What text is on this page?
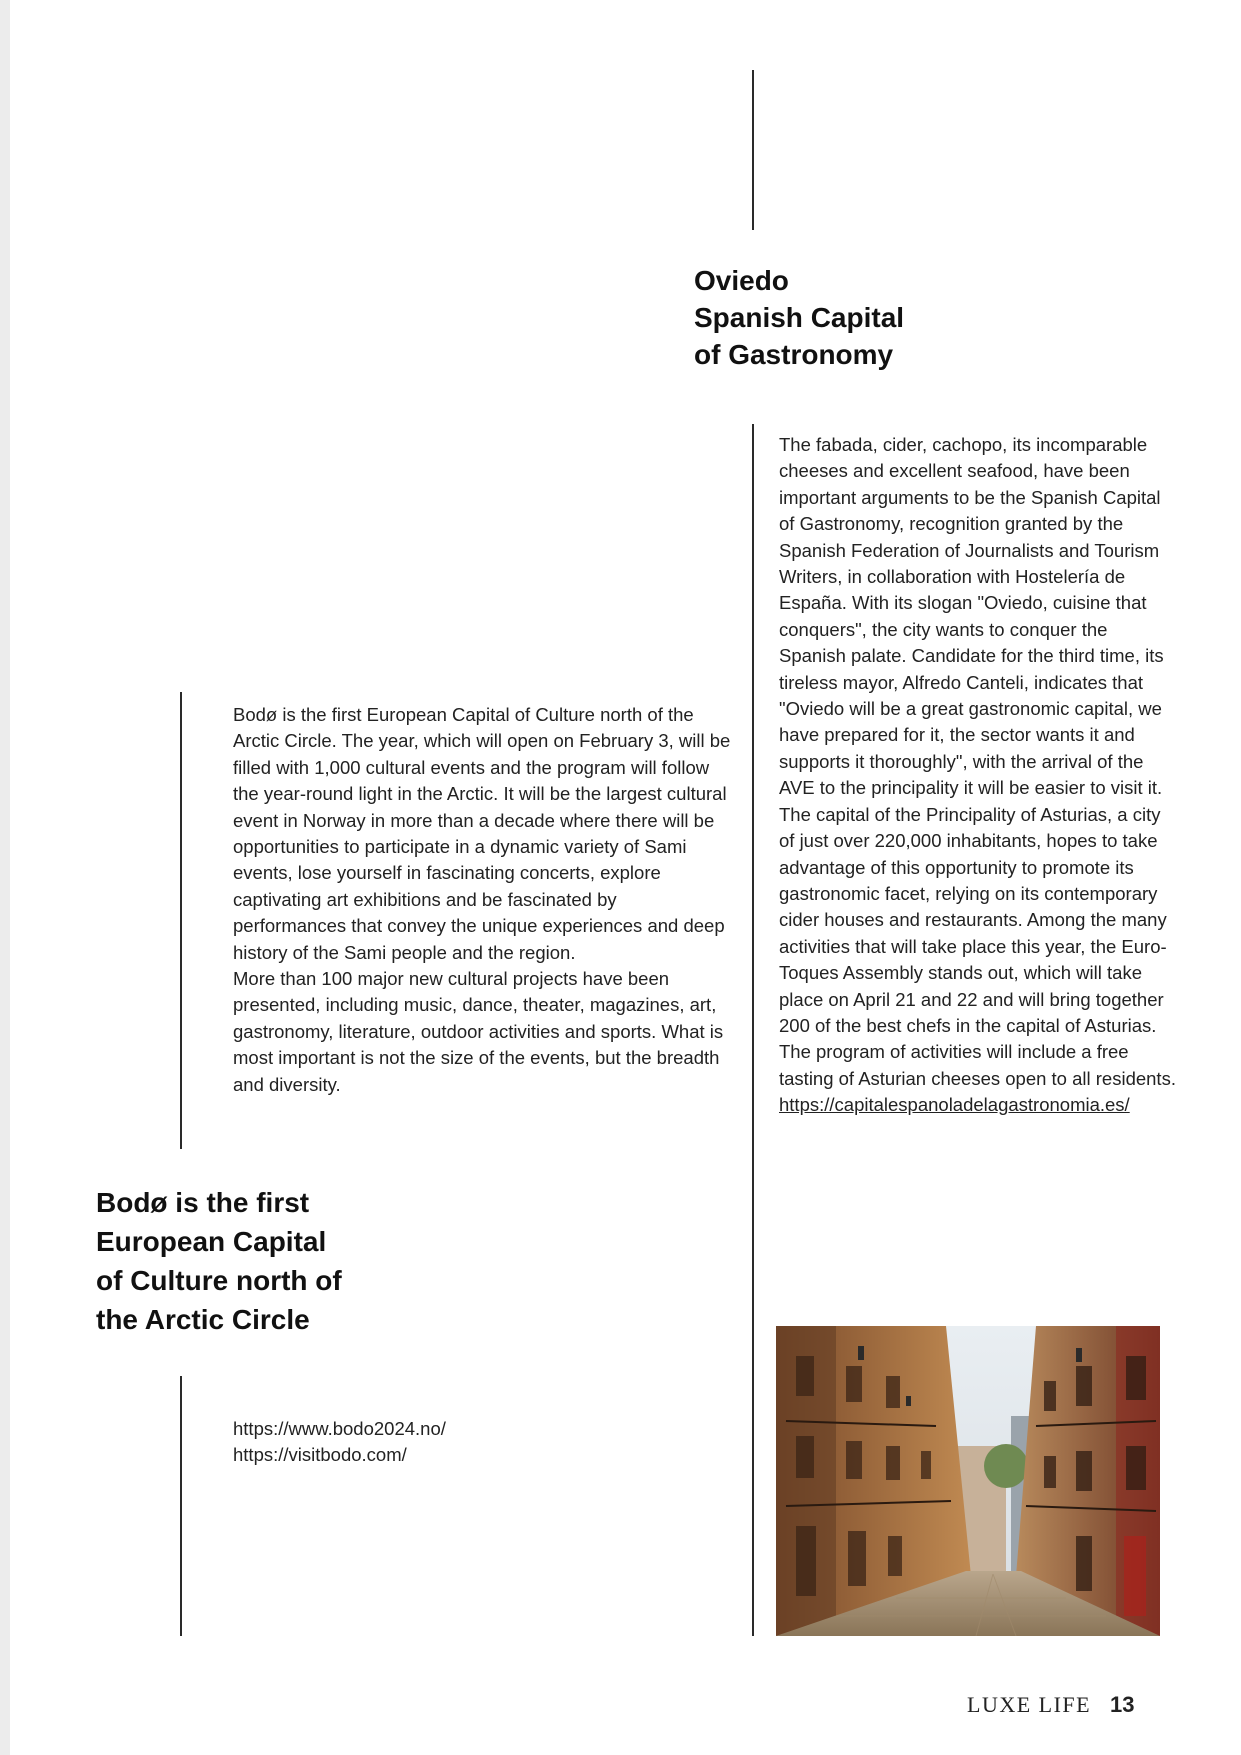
Oviedo
Spanish Capital
of Gastronomy

The fabada, cider, cachopo, its incomparable cheeses and excellent seafood, have been important arguments to be the Spanish Capital of Gastronomy, recognition granted by the Spanish Federation of Journalists and Tourism Writers, in collaboration with Hostelería de España. With its slogan "Oviedo, cuisine that conquers", the city wants to conquer the Spanish palate. Candidate for the third time, its tireless mayor, Alfredo Canteli, indicates that "Oviedo will be a great gastronomic capital, we have prepared for it, the sector wants it and supports it thoroughly", with the arrival of the AVE to the principality it will be easier to visit it.

The capital of the Principality of Asturias, a city of just over 220,000 inhabitants, hopes to take advantage of this opportunity to promote its gastronomic facet, relying on its contemporary cider houses and restaurants. Among the many activities that will take place this year, the Euro-Toques Assembly stands out, which will take place on April 21 and 22 and will bring together 200 of the best chefs in the capital of Asturias. The program of activities will include a free tasting of Asturian cheeses open to all residents.

https://capitalespanoladelagastronomia.es/

Bodø is the first European Capital of Culture north of the Arctic Circle. The year, which will open on February 3, will be filled with 1,000 cultural events and the program will follow the year-round light in the Arctic. It will be the largest cultural event in Norway in more than a decade where there will be opportunities to participate in a dynamic variety of Sami events, lose yourself in fascinating concerts, explore captivating art exhibitions and be fascinated by performances that convey the unique experiences and deep history of the Sami people and the region.

More than 100 major new cultural projects have been presented, including music, dance, theater, magazines, art, gastronomy, literature, outdoor activities and sports. What is most important is not the size of the events, but the breadth and diversity.

Bodø is the first
European Capital
of Culture north of
the Arctic Circle

https://www.bodo2024.no/

https://visitbodo.com/

LUXE LIFE 13
